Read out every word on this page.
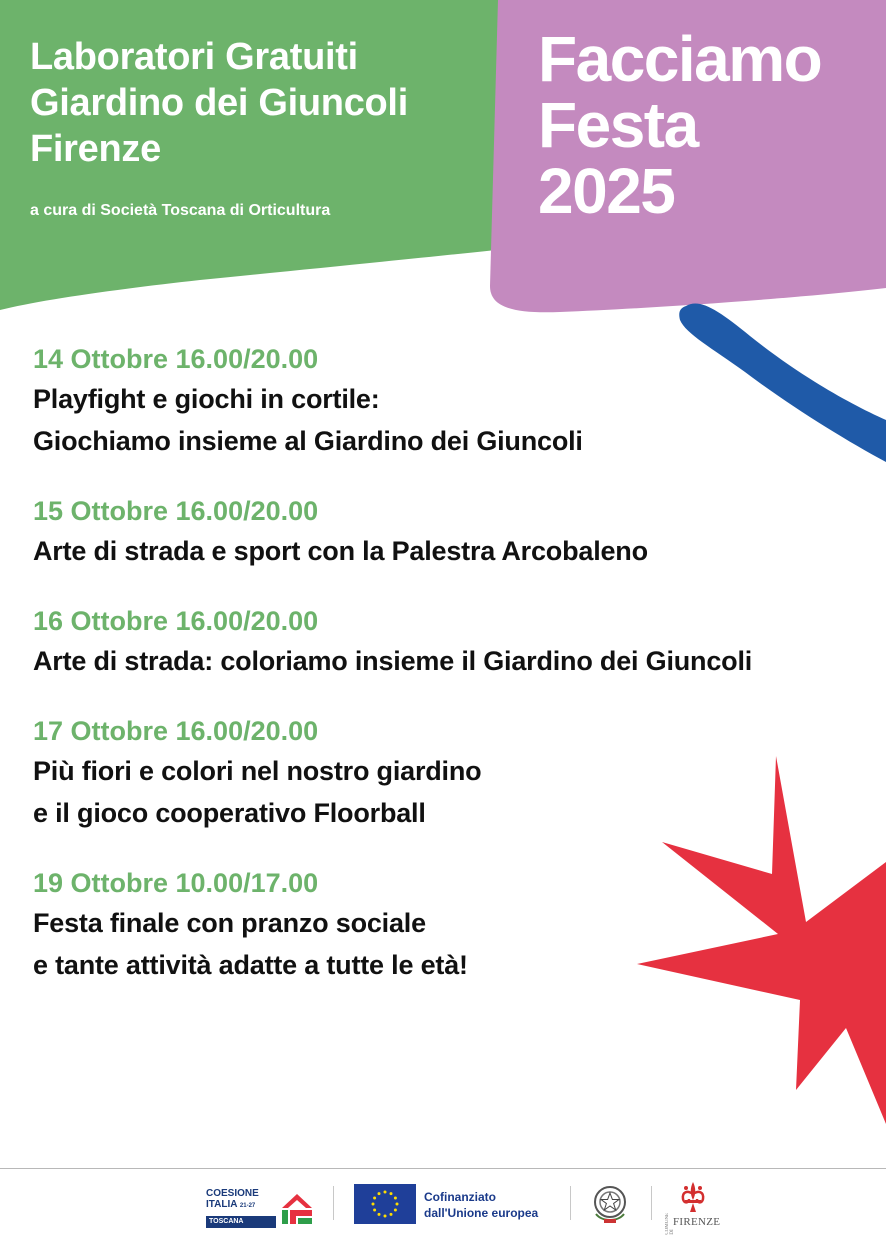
Laboratori Gratuiti
Giardino dei Giuncoli
Firenze
a cura di Società Toscana di Orticultura
Facciamo
Festa
2025
14 Ottobre 16.00/20.00
Playfight e giochi in cortile:
Giochiamo insieme al Giardino dei Giuncoli
15 Ottobre 16.00/20.00
Arte di strada e sport con la Palestra Arcobaleno
16 Ottobre 16.00/20.00
Arte di strada: coloriamo insieme il Giardino dei Giuncoli
17 Ottobre 16.00/20.00
Più fiori e colori nel nostro giardino
e il gioco cooperativo Floorball
19 Ottobre 10.00/17.00
Festa finale con pranzo sociale
e tante attività adatte a tutte le età!
COESIONE
ITALIA 21-27
TOSCANA
Cofinanziato
dall'Unione europea	COMUNE DI
FIRENZE
